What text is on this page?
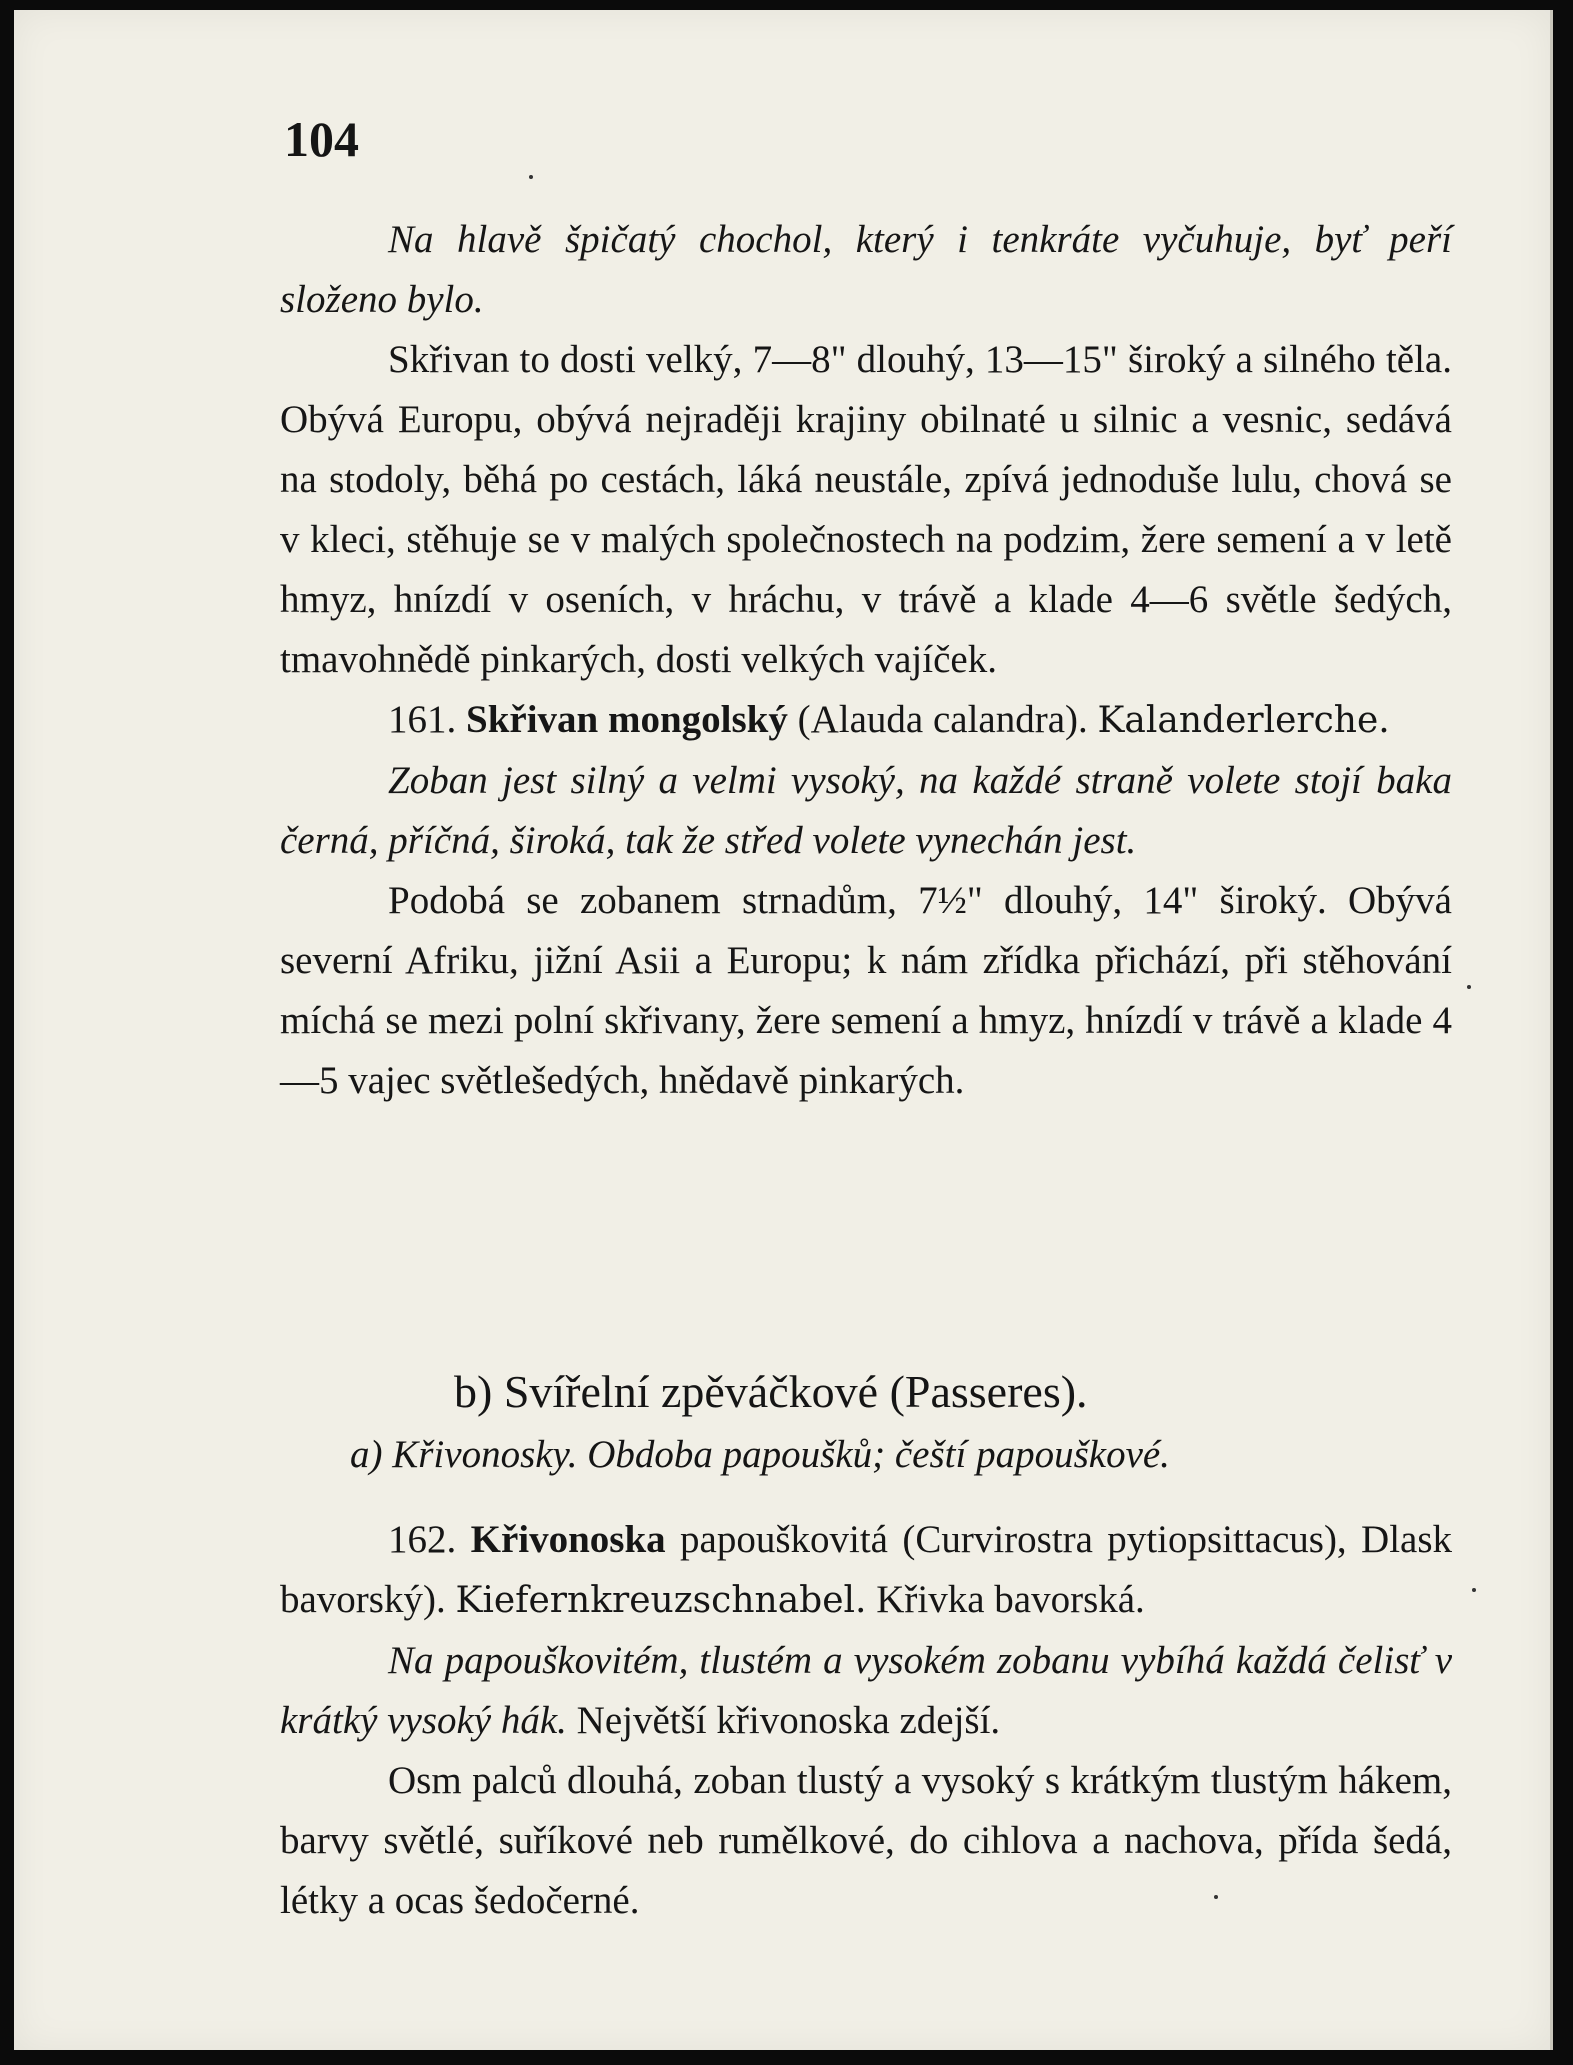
104
Na hlavě špičatý chochol, který i tenkráte vyčuhuje, byť peří složeno bylo.
Skřivan to dosti velký, 7—8" dlouhý, 13—15" široký a silného těla. Obývá Europu, obývá nejraději krajiny obilnaté u silnic a vesnic, sedává na stodoly, běhá po cestách, láká neustále, zpívá jednoduše lulu, chová se v kleci, stěhuje se v malých společnostech na podzim, žere semení a v letě hmyz, hnízdí v oseních, v hráchu, v trávě a klade 4—6 světle šedých, tmavohnědě pinkarých, dosti velkých vajíček.
161. Skřivan mongolský (Alauda calandra). Kalanderlerche.
Zoban jest silný a velmi vysoký, na každé straně volete stojí baka černá, příčná, široká, tak že střed volete vynechán jest.
Podobá se zobanem strnadům, 7½" dlouhý, 14" široký. Obývá severní Afriku, jižní Asii a Europu; k nám zřídka přichází, při stěhování míchá se mezi polní skřivany, žere semení a hmyz, hnízdí v trávě a klade 4—5 vajec světlešedých, hnědavě pinkarých.
b) Svířelní zpěváčkové (Passeres).
a) Křivonosky. Obdoba papoušků; čeští papouškové.
162. Křivonoska papouškovitá (Curvirostra pytiopsittacus), Dlask bavorský). Kiefernkreuzschnabel. Křivka bavorská.
Na papouškovitém, tlustém a vysokém zobanu vybíhá každá čelisť v krátký vysoký hák. Největší křivonoska zdejší.
Osm palců dlouhá, zoban tlustý a vysoký s krátkým tlustým hákem, barvy světlé, suříkové neb rumělkové, do cihlova a nachova, přída šedá, létky a ocas šedočerné.
